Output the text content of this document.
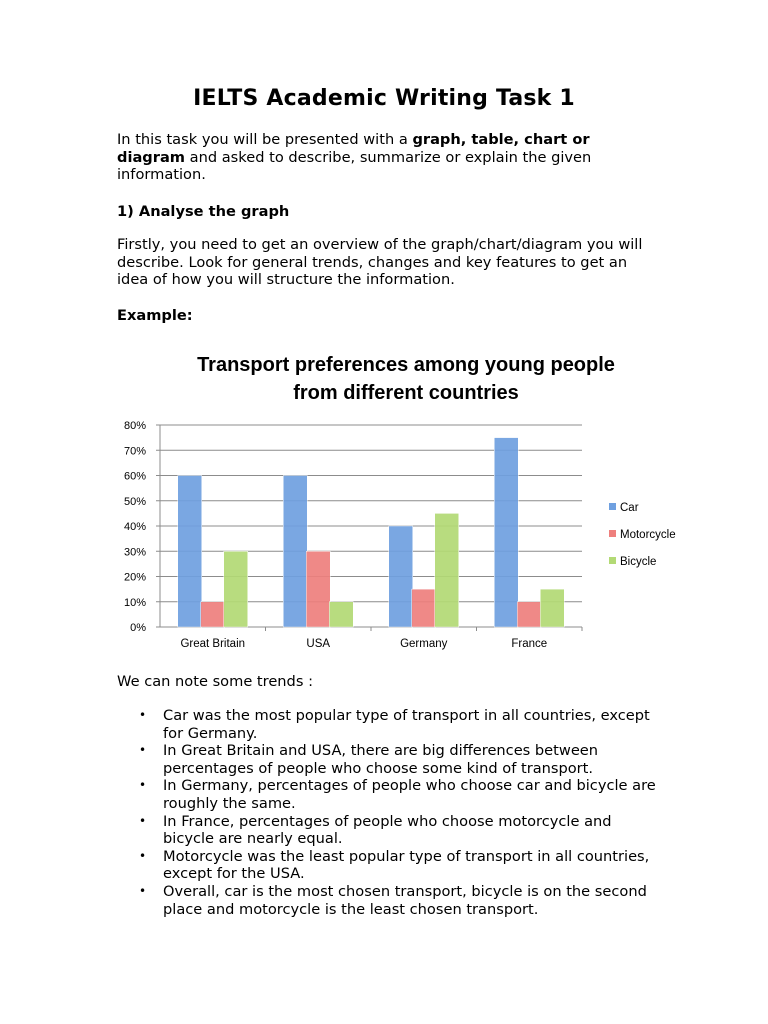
IELTS Academic Writing Task 1
In this task you will be presented with a graph, table, chart or diagram and asked to describe, summarize or explain the given information.
1) Analyse the graph
Firstly, you need to get an overview of the graph/chart/diagram you will describe. Look for general trends, changes and key features to get an idea of how you will structure the information.
Example:
Transport preferences among young people
from different countries
0%
10%
20%
30%
40%
50%
60%
70%
80%
Great Britain	USA	Germany	France
Car
Motorcycle
Bicycle
We can note some trends :
• Car was the most popular type of transport in all countries, except for Germany.
• In Great Britain and USA, there are big differences between percentages of people who choose some kind of transport.
• In Germany, percentages of people who choose car and bicycle are roughly the same.
• In France, percentages of people who choose motorcycle and bicycle are nearly equal.
• Motorcycle was the least popular type of transport in all countries, except for the USA.
• Overall, car is the most chosen transport, bicycle is on the second place and motorcycle is the least chosen transport.
